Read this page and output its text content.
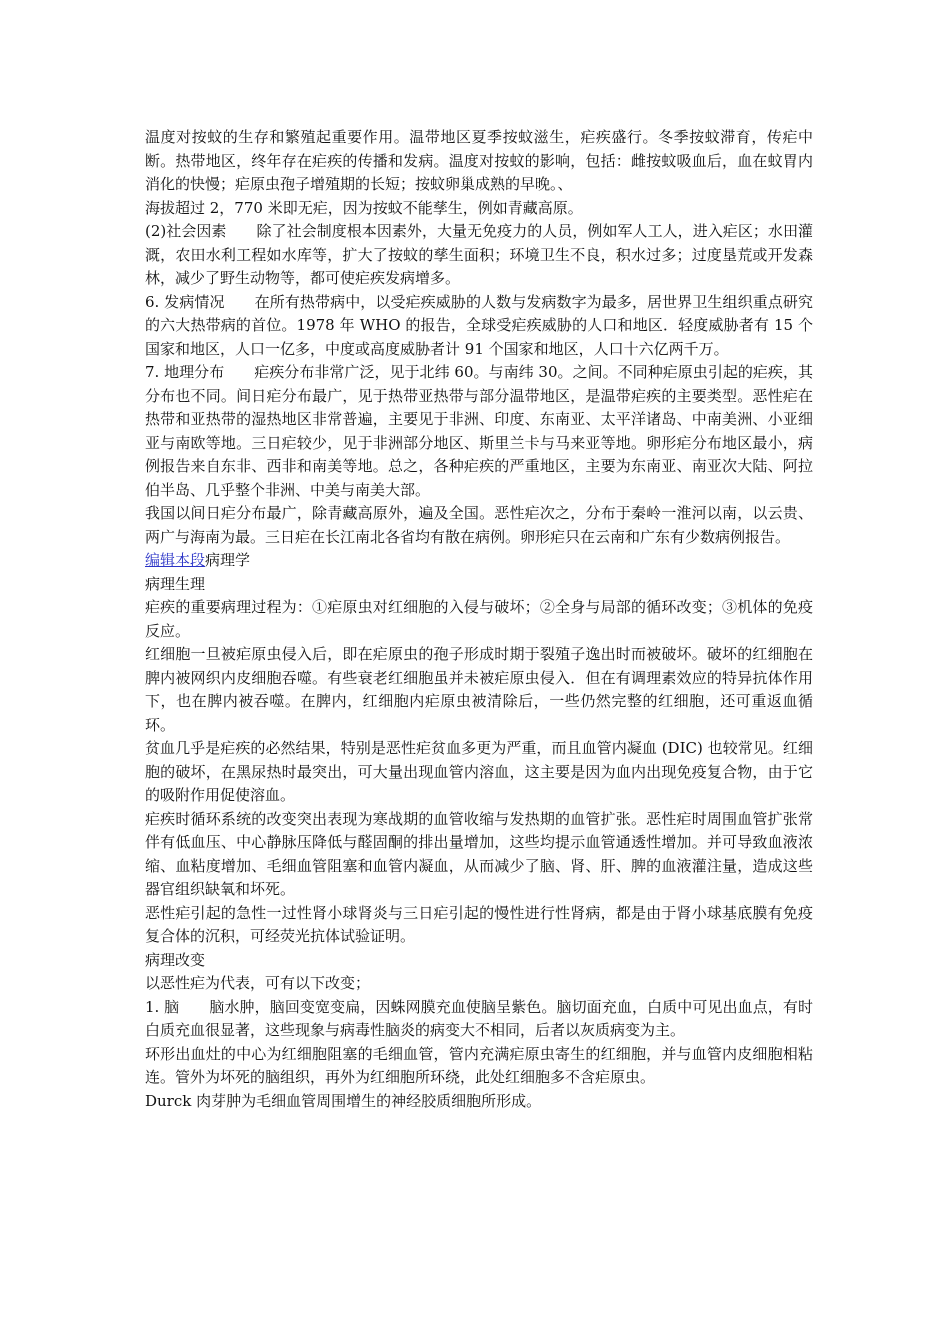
温度对按蚊的生存和繁殖起重要作用。温带地区夏季按蚊滋生，疟疾盛行。冬季按蚊滞育，传疟中断。热带地区，终年存在疟疾的传播和发病。温度对按蚊的影响，包括：雌按蚊吸血后，血在蚊胃内消化的快慢；疟原虫孢子增殖期的长短；按蚊卵巢成熟的早晚。、

海拔超过 2，770 米即无疟，因为按蚊不能孳生，例如青藏高原。

(2)社会因素 除了社会制度根本因素外，大量无免疫力的人员，例如军人工人，进入疟区；水田灌溉，农田水利工程如水库等，扩大了按蚊的孳生面积；环境卫生不良，积水过多；过度垦荒或开发森林，减少了野生动物等，都可使疟疾发病增多。

6. 发病情况 在所有热带病中，以受疟疾威胁的人数与发病数字为最多，居世界卫生组织重点研究的六大热带病的首位。1978 年 WHO 的报告，全球受疟疾威胁的人口和地区．轻度威胁者有 15 个国家和地区，人口一亿多，中度或高度威胁者计 91 个国家和地区，人口十六亿两千万。

7. 地理分布 疟疾分布非常广泛，见于北纬 60。与南纬 30。之间。不同种疟原虫引起的疟疾，其分布也不同。间日疟分布最广，见于热带亚热带与部分温带地区，是温带疟疾的主要类型。恶性疟在热带和亚热带的湿热地区非常普遍，主要见于非洲、印度、东南亚、太平洋诸岛、中南美洲、小亚细亚与南欧等地。三日疟较少，见于非洲部分地区、斯里兰卡与马来亚等地。卵形疟分布地区最小，病例报告来自东非、西非和南美等地。总之，各种疟疾的严重地区，主要为东南亚、南亚次大陆、阿拉伯半岛、几乎整个非洲、中美与南美大部。

我国以间日疟分布最广，除青藏高原外，遍及全国。恶性疟次之，分布于秦岭一淮河以南，以云贵、两广与海南为最。三日疟在长江南北各省均有散在病例。卵形疟只在云南和广东有少数病例报告。

编辑本段病理学

病理生理

疟疾的重要病理过程为：①疟原虫对红细胞的入侵与破坏；②全身与局部的循环改变；③机体的免疫反应。

红细胞一旦被疟原虫侵入后，即在疟原虫的孢子形成时期于裂殖子逸出时而被破坏。破坏的红细胞在脾内被网织内皮细胞吞噬。有些衰老红细胞虽并未被疟原虫侵入．但在有调理素效应的特异抗体作用下，也在脾内被吞噬。在脾内，红细胞内疟原虫被清除后，一些仍然完整的红细胞，还可重返血循环。

贫血几乎是疟疾的必然结果，特别是恶性疟贫血多更为严重，而且血管内凝血 (DIC) 也较常见。红细胞的破坏，在黑尿热时最突出，可大量出现血管内溶血，这主要是因为血内出现免疫复合物，由于它的吸附作用促使溶血。

疟疾时循环系统的改变突出表现为寒战期的血管收缩与发热期的血管扩张。恶性疟时周围血管扩张常伴有低血压、中心静脉压降低与醛固酮的排出量增加，这些均提示血管通透性增加。并可导致血液浓缩、血粘度增加、毛细血管阻塞和血管内凝血，从而减少了脑、肾、肝、脾的血液灌注量，造成这些器官组织缺氧和坏死。

恶性疟引起的急性一过性肾小球肾炎与三日疟引起的慢性进行性肾病，都是由于肾小球基底膜有免疫复合体的沉积，可经荧光抗体试验证明。

病理改变

以恶性疟为代表，可有以下改变；

1. 脑 脑水肿，脑回变宽变扁，因蛛网膜充血使脑呈紫色。脑切面充血，白质中可见出血点，有时白质充血很显著，这些现象与病毒性脑炎的病变大不相同，后者以灰质病变为主。

环形出血灶的中心为红细胞阻塞的毛细血管，管内充满疟原虫寄生的红细胞，并与血管内皮细胞相粘连。管外为坏死的脑组织，再外为红细胞所环绕，此处红细胞多不含疟原虫。

Durck 肉芽肿为毛细血管周围增生的神经胶质细胞所形成。
